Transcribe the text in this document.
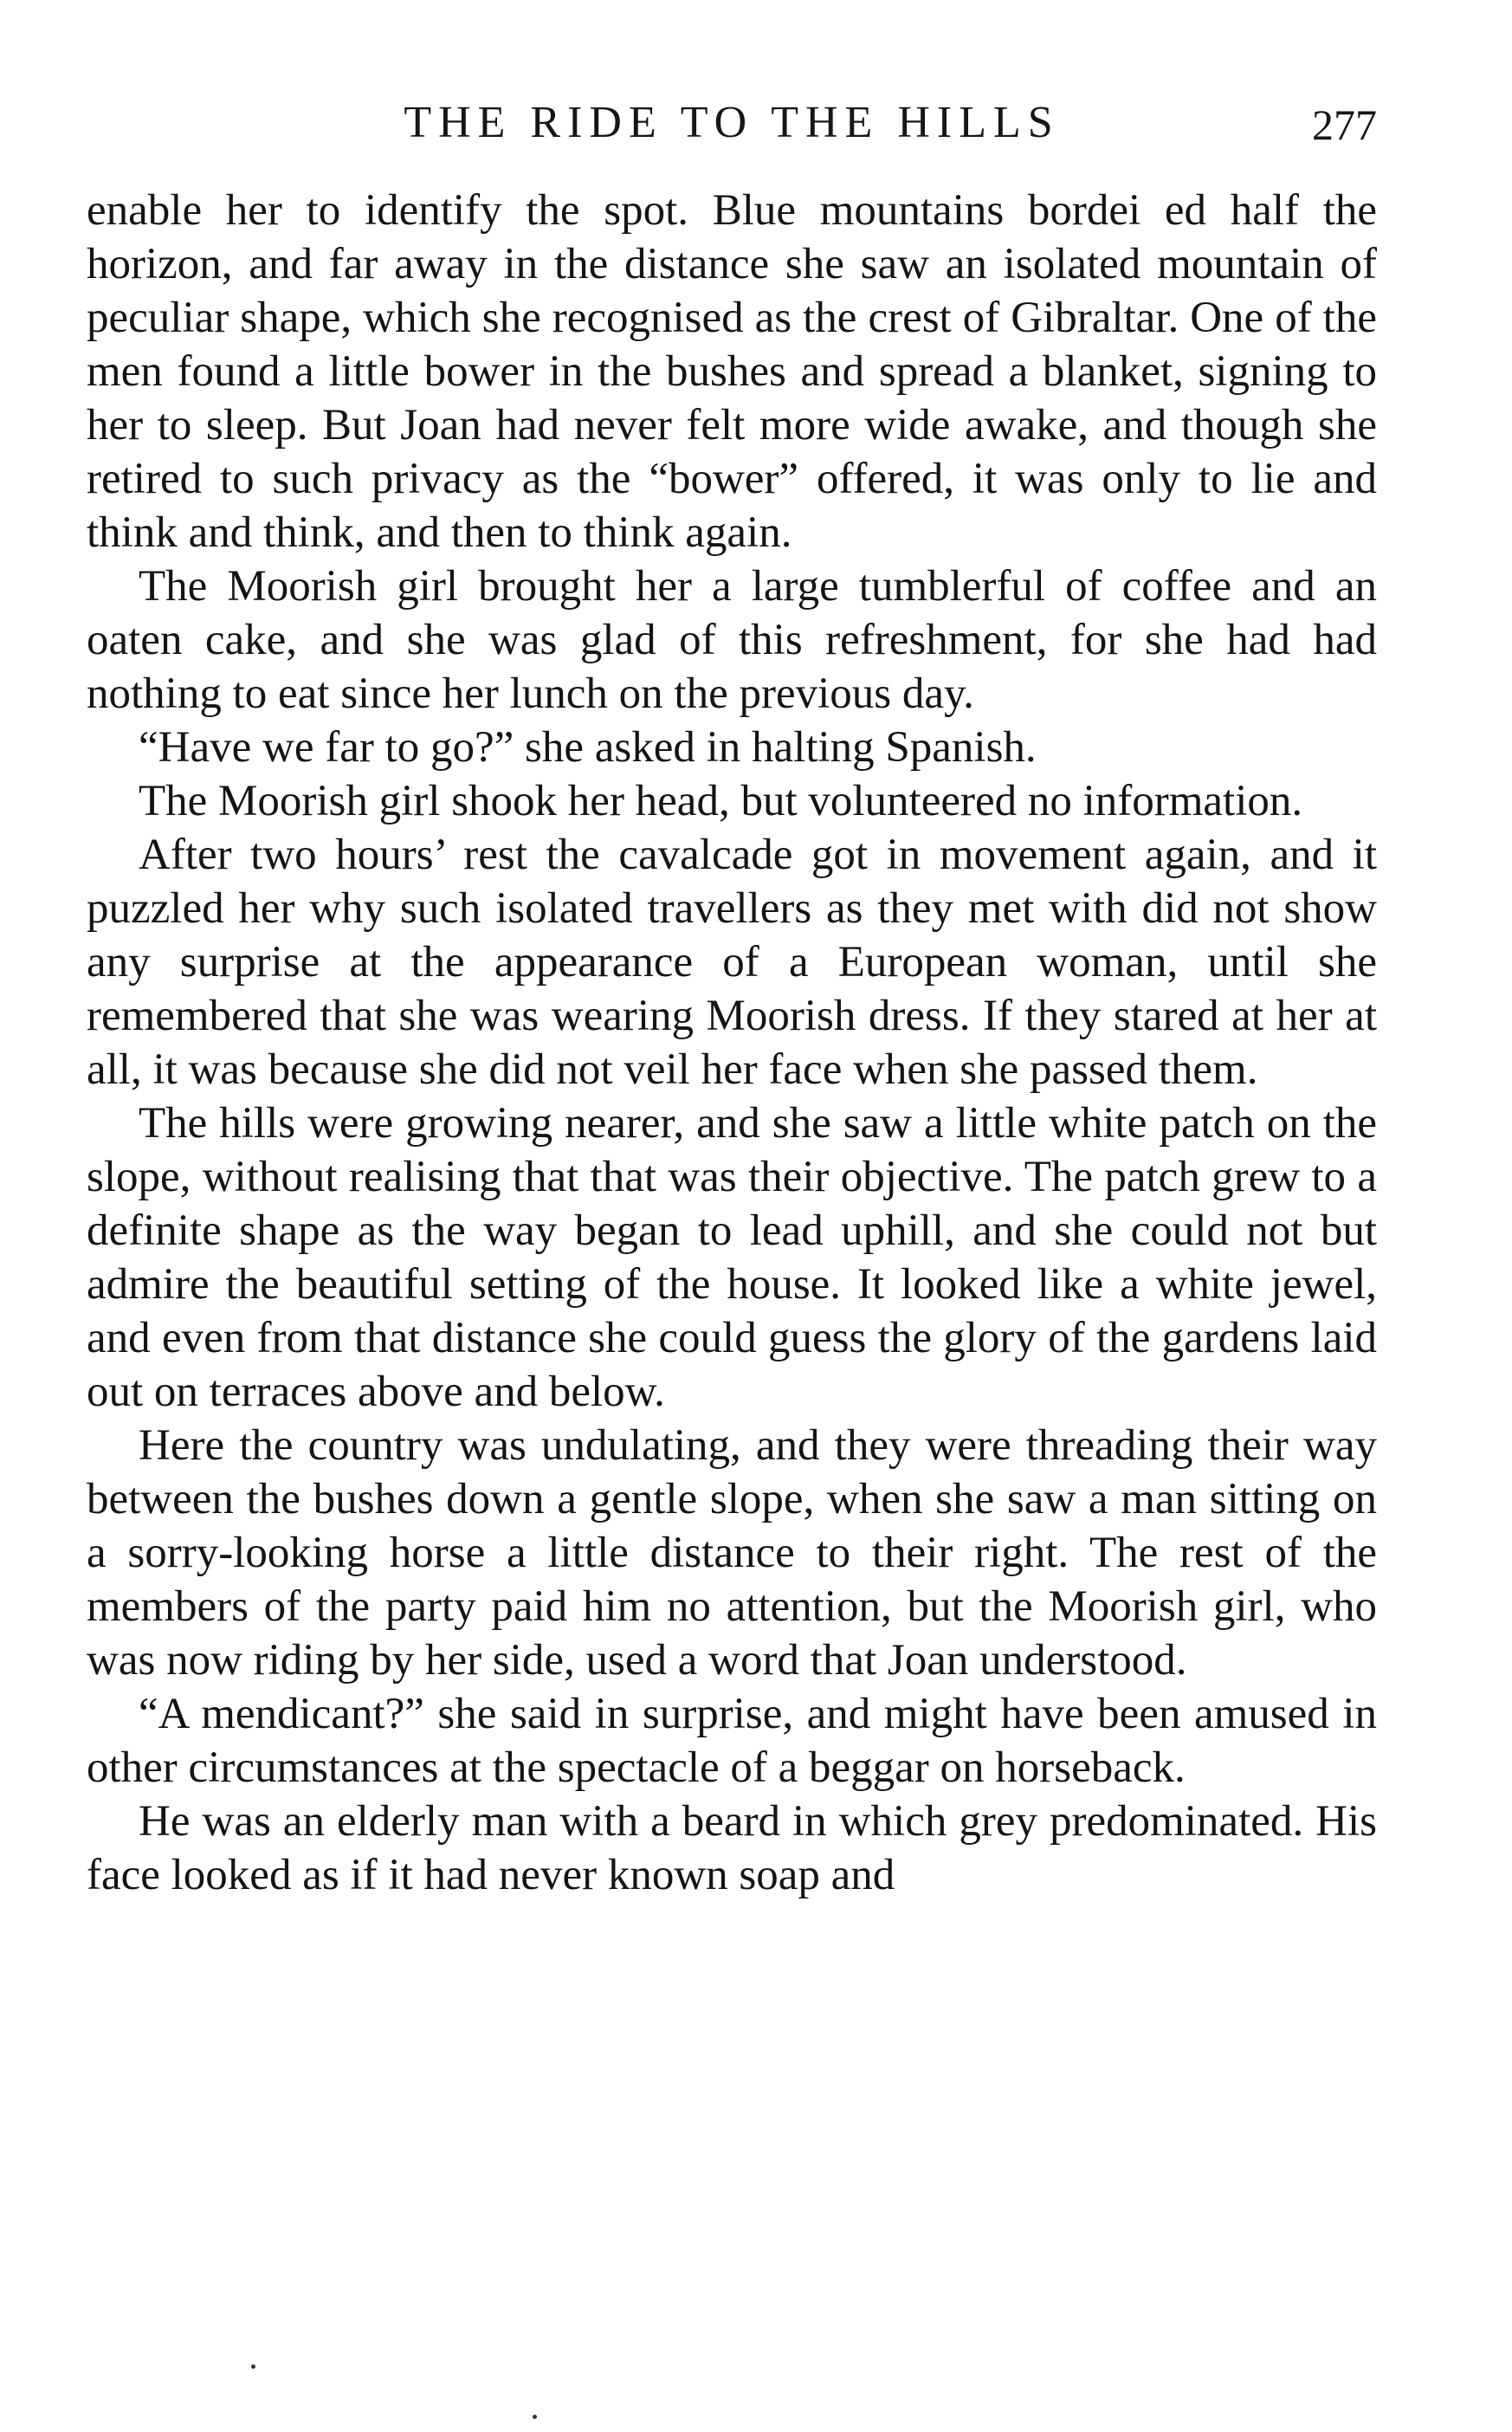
THE RIDE TO THE HILLS	277

enable her to identify the spot. Blue mountains bordei ed half the horizon, and far away in the distance she saw an isolated mountain of peculiar shape, which she recognised as the crest of Gibraltar. One of the men found a little bower in the bushes and spread a blanket, signing to her to sleep. But Joan had never felt more wide awake, and though she retired to such privacy as the “bower” offered, it was only to lie and think and think, and then to think again.

The Moorish girl brought her a large tumblerful of coffee and an oaten cake, and she was glad of this refreshment, for she had had nothing to eat since her lunch on the previous day.

“Have we far to go?” she asked in halting Spanish.

The Moorish girl shook her head, but volunteered no information.

After two hours’ rest the cavalcade got in movement again, and it puzzled her why such isolated travellers as they met with did not show any surprise at the appearance of a European woman, until she remembered that she was wearing Moorish dress. If they stared at her at all, it was because she did not veil her face when she passed them.

The hills were growing nearer, and she saw a little white patch on the slope, without realising that that was their objective. The patch grew to a definite shape as the way began to lead uphill, and she could not but admire the beautiful setting of the house. It looked like a white jewel, and even from that distance she could guess the glory of the gardens laid out on terraces above and below.

Here the country was undulating, and they were threading their way between the bushes down a gentle slope, when she saw a man sitting on a sorry-looking horse a little distance to their right. The rest of the members of the party paid him no attention, but the Moorish girl, who was now riding by her side, used a word that Joan understood.

“A mendicant?” she said in surprise, and might have been amused in other circumstances at the spectacle of a beggar on horseback.

He was an elderly man with a beard in which grey predominated. His face looked as if it had never known soap and
